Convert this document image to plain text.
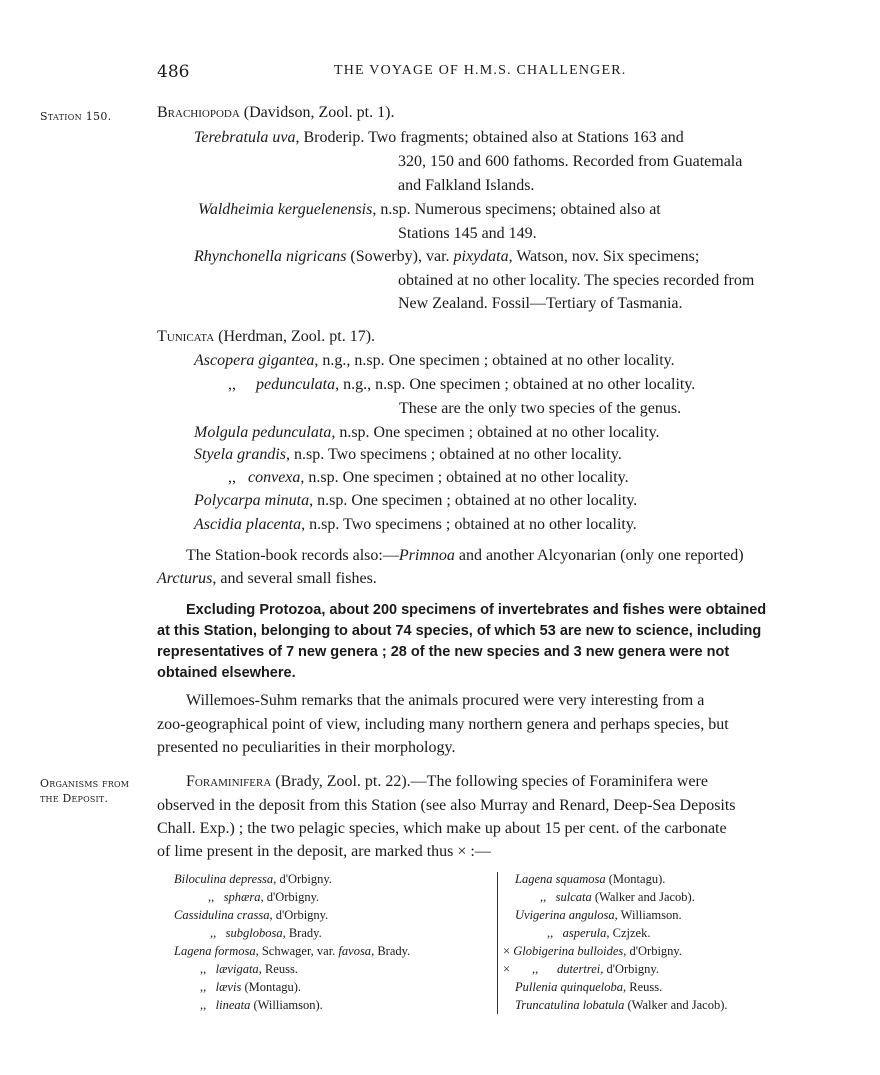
486	THE VOYAGE OF H.M.S. CHALLENGER.
Station 150.	Brachiopoda (Davidson, Zool. pt. 1).
Terebratula uva, Broderip. Two fragments; obtained also at Stations 163 and
320, 150 and 600 fathoms. Recorded from Guatemala
and Falkland Islands.
Waldheimia kerguelenensis, n.sp. Numerous specimens; obtained also at
Stations 145 and 149.
Rhynchonella nigricans (Sowerby), var. pixydata, Watson, nov. Six specimens;
obtained at no other locality. The species recorded from
New Zealand. Fossil—Tertiary of Tasmania.
Tunicata (Herdman, Zool. pt. 17).
Ascopera gigantea, n.g., n.sp. One specimen ; obtained at no other locality.
,, pedunculata, n.g., n.sp. One specimen ; obtained at no other locality.
These are the only two species of the genus.
Molgula pedunculata, n.sp. One specimen ; obtained at no other locality.
Styela grandis, n.sp. Two specimens ; obtained at no other locality.
,, convexa, n.sp. One specimen ; obtained at no other locality.
Polycarpa minuta, n.sp. One specimen ; obtained at no other locality.
Ascidia placenta, n.sp. Two specimens ; obtained at no other locality.
The Station-book records also:—Primnoa and another Alcyonarian (only one reported)
Arcturus, and several small fishes.
Excluding Protozoa, about 200 specimens of invertebrates and fishes were obtained
at this Station, belonging to about 74 species, of which 53 are new to science, including
representatives of 7 new genera ; 28 of the new species and 3 new genera were not
obtained elsewhere.
Willemoes-Suhm remarks that the animals procured were very interesting from a
zoo-geographical point of view, including many northern genera and perhaps species, but
presented no peculiarities in their morphology.
Organisms from
the Deposit.
Foraminifera (Brady, Zool. pt. 22).—The following species of Foraminifera were
observed in the deposit from this Station (see also Murray and Renard, Deep-Sea Deposits
Chall. Exp.) ; the two pelagic species, which make up about 15 per cent. of the carbonate
of lime present in the deposit, are marked thus × :—
Biloculina depressa, d'Orbigny.
,, sphæra, d'Orbigny.
Cassidulina crassa, d'Orbigny.
,, subglobosa, Brady.
Lagena formosa, Schwager, var. favosa, Brady.
,, lævigata, Reuss.
,, lævis (Montagu).
,, lineata (Williamson).
Lagena squamosa (Montagu).
,, sulcata (Walker and Jacob).
Uvigerina angulosa, Williamson.
,, asperula, Czjzek.
× Globigerina bulloides, d'Orbigny.
× ,, dutertrei, d'Orbigny.
Pullenia quinqueloba, Reuss.
Truncatulina lobatula (Walker and Jacob).
